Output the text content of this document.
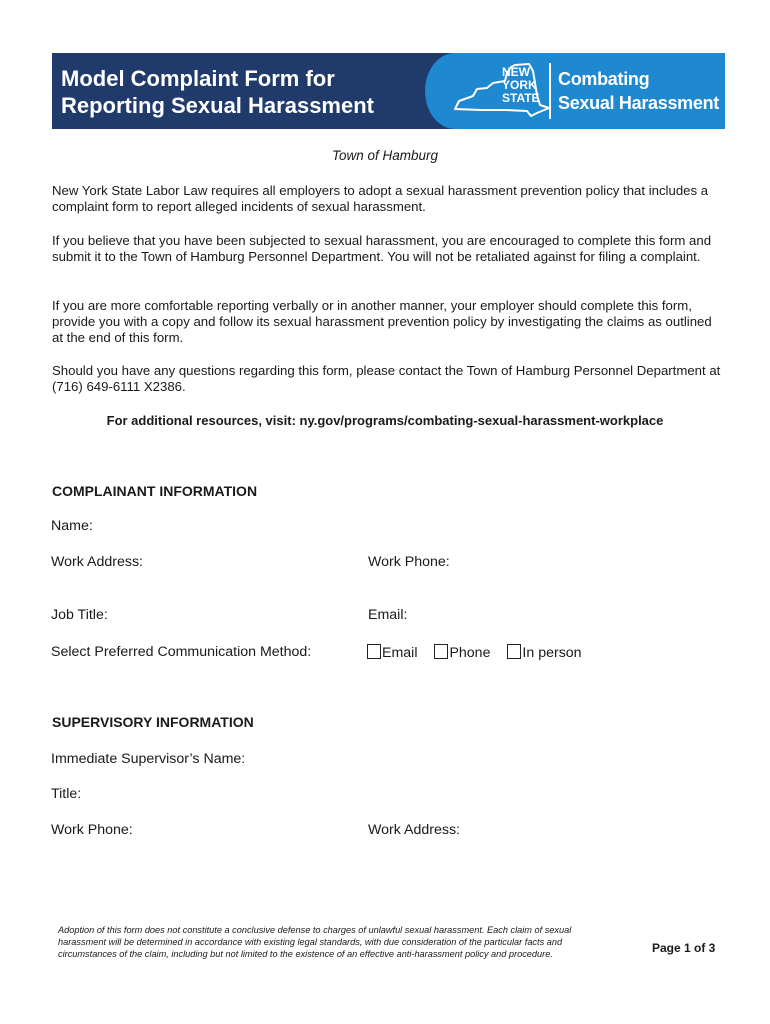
Model Complaint Form for
Reporting Sexual Harassment
NEW
YORK
STATE
Combating
Sexual Harassment
Town of Hamburg
New York State Labor Law requires all employers to adopt a sexual harassment prevention policy that includes a complaint form to report alleged incidents of sexual harassment.
If you believe that you have been subjected to sexual harassment, you are encouraged to complete this form and submit it to the Town of Hamburg Personnel Department. You will not be retaliated against for filing a complaint.
If you are more comfortable reporting verbally or in another manner, your employer should complete this form, provide you with a copy and follow its sexual harassment prevention policy by investigating the claims as outlined at the end of this form.
Should you have any questions regarding this form, please contact the Town of Hamburg Personnel Department at (716) 649-6111 X2386.
For additional resources, visit: ny.gov/programs/combating-sexual-harassment-workplace
COMPLAINANT INFORMATION
Name:
Work Address:	Work Phone:
Job Title:	Email:
Select Preferred Communication Method:	Email Phone In person
SUPERVISORY INFORMATION
Immediate Supervisor’s Name:
Title:
Work Phone:	Work Address:
Adoption of this form does not constitute a conclusive defense to charges of unlawful sexual harassment. Each claim of sexual harassment will be determined in accordance with existing legal standards, with due consideration of the particular facts and circumstances of the claim, including but not limited to the existence of an effective anti-harassment policy and procedure.	Page 1 of 3
